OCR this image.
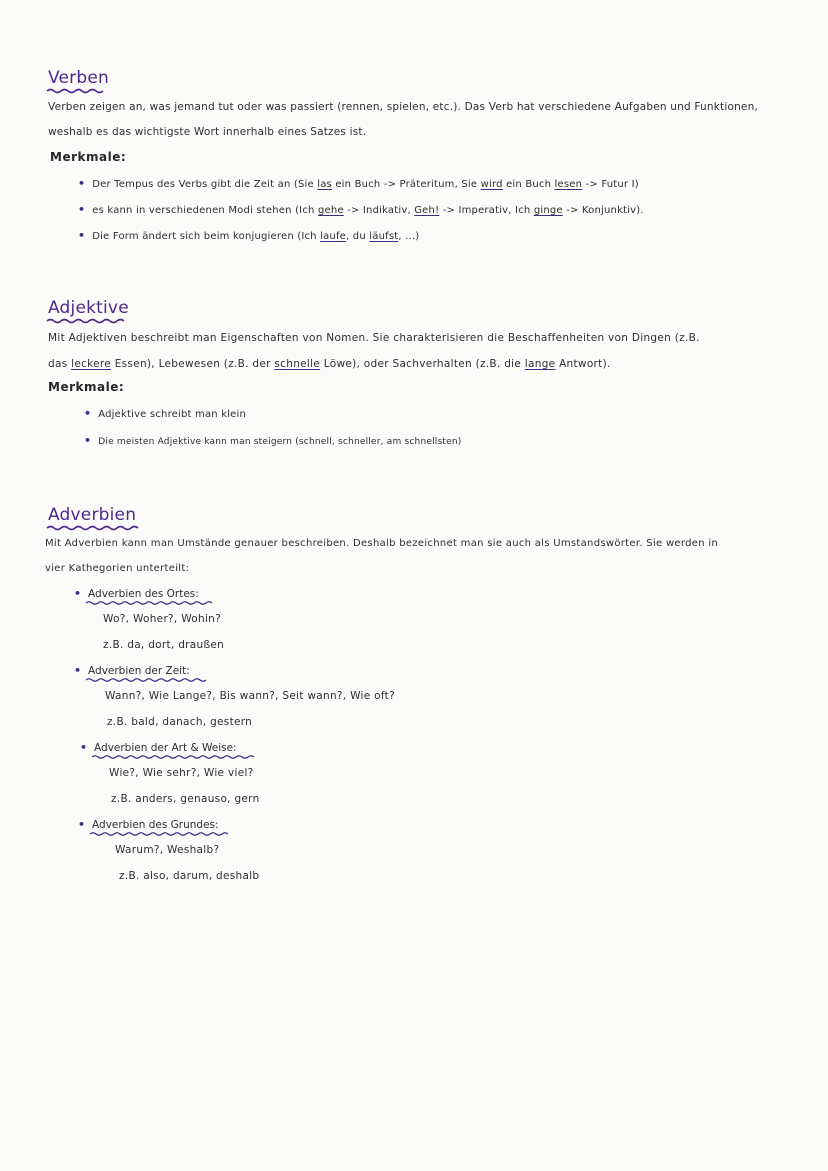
Verben
Verben zeigen an, was jemand tut oder was passiert (rennen, spielen, etc.). Das Verb hat verschiedene Aufgaben und Funktionen, weshalb es das wichtigste Wort innerhalb eines Satzes ist.
Merkmale:
• Der Tempus des Verbs gibt die Zeit an (Sie las ein Buch -> Präteritum, Sie wird ein Buch lesen -> Futur I)
• es kann in verschiedenen Modi stehen (Ich gehe -> Indikativ, Geh! -> Imperativ, Ich ginge -> Konjunktiv).
• Die Form ändert sich beim konjugieren (Ich laufe, du läufst, ...)
Adjektive
Mit Adjektiven beschreibt man Eigenschaften von Nomen. Sie charakterisieren die Beschaffenheiten von Dingen (z.B.
das leckere Essen), Lebewesen (z.B. der schnelle Löwe), oder Sachverhalten (z.B. die lange Antwort).
Merkmale:
• Adjektive schreibt man klein
• Die meisten Adjektive kann man steigern (schnell, schneller, am schnellsten)
Adverbien
Mit Adverbien kann man Umstände genauer beschreiben. Deshalb bezeichnet man sie auch als Umstandswörter. Sie werden in
vier Kathegorien unterteilt:
• Adverbien des Ortes:
Wo?, Woher?, Wohin?
z.B. da, dort, draußen
• Adverbien der Zeit:
Wann?, Wie Lange?, Bis wann?, Seit wann?, Wie oft?
z.B. bald, danach, gestern
• Adverbien der Art & Weise:
Wie?, Wie sehr?, Wie viel?
z.B. anders, genauso, gern
• Adverbien des Grundes:
Warum?, Weshalb?
z.B. also, darum, deshalb
